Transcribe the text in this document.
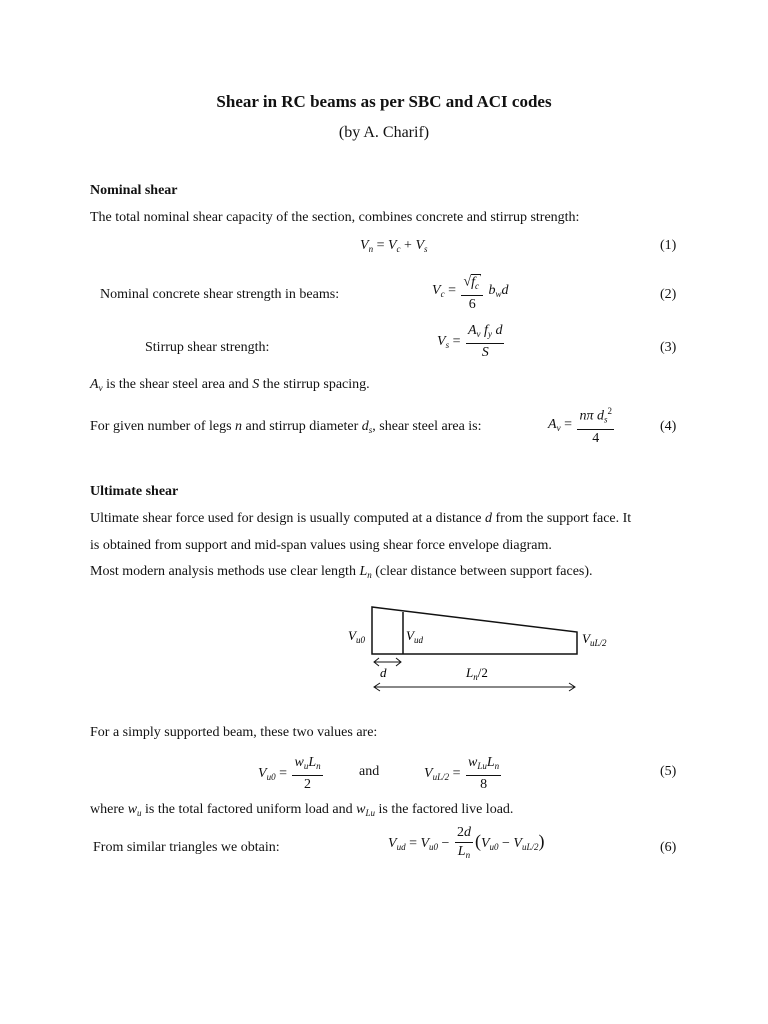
Shear in RC beams as per SBC and ACI codes
(by A. Charif)
Nominal shear
The total nominal shear capacity of the section, combines concrete and stirrup strength:
$V_n = V_c + V_s$	(1)
Nominal concrete shear strength in beams:	$V_c = \frac{√f_c'}{6} b_wd$	(2)
Stirrup shear strength:	$V_s = \frac{A_v f_y d}{S}$	(3)
$A_v$ is the shear steel area and S the stirrup spacing.
For given number of legs n and stirrup diameter $d_s$, shear steel area is:	$A_v = \frac{n\pi d_s^2}{4}$	(4)
Ultimate shear
Ultimate shear force used for design is usually computed at a distance d from the support face. It
is obtained from support and mid-span values using shear force envelope diagram.
Most modern analysis methods use clear length $L_n$ (clear distance between support faces).
$V_{u0}$	$V_{ud}$	$V_{uL/2}$
d	$L_n/2$
For a simply supported beam, these two values are:
$V_{u0} = \frac{w_uL_n}{2}$	and	$V_{uL/2} = \frac{w_{Lu}L_n}{8}$	(5)
where $w_u$ is the total factored uniform load and $w_{Lu}$ is the factored live load.
From similar triangles we obtain:	$V_{ud} = V_{u0} - \frac{2d}{L_n} (V_{u0} - V_{uL/2})$	(6)
